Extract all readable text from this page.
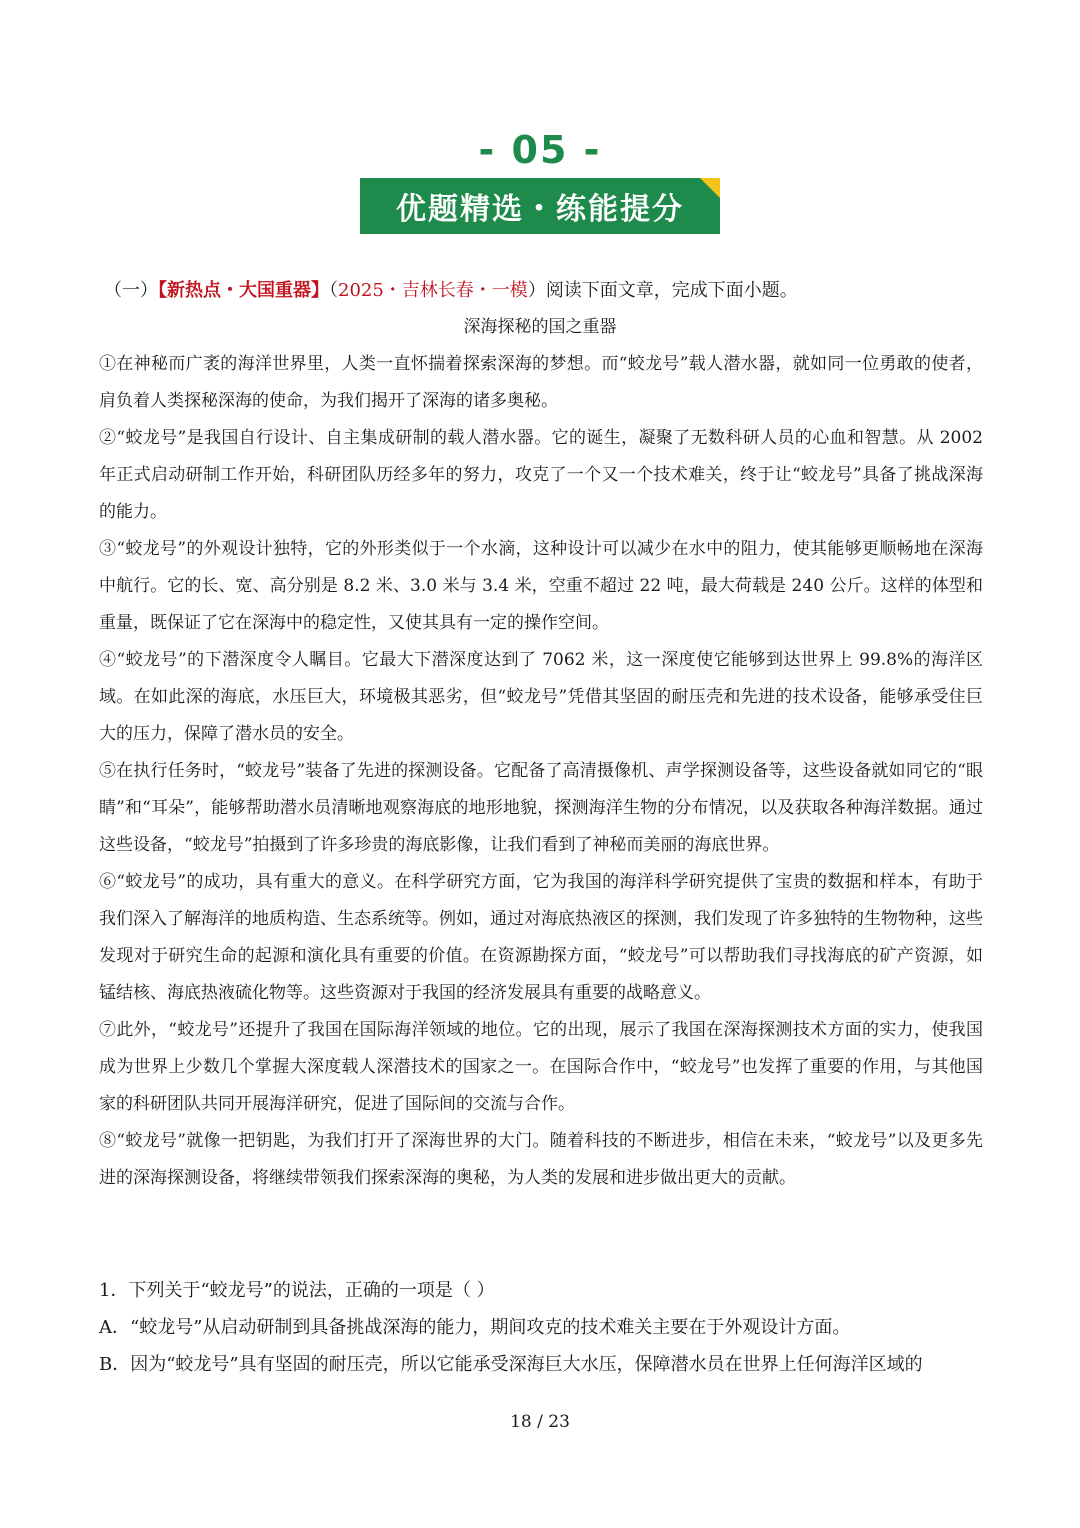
- 05 -
优题精选・练能提分
（一）【新热点・大国重器】（2025・吉林长春・一模）阅读下面文章，完成下面小题。
深海探秘的国之重器

①在神秘而广袤的海洋世界里，人类一直怀揣着探索深海的梦想。而“蛟龙号”载人潜水器，就如同一位勇敢的使者，肩负着人类探秘深海的使命，为我们揭开了深海的诸多奥秘。

②“蛟龙号”是我国自行设计、自主集成研制的载人潜水器。它的诞生，凝聚了无数科研人员的心血和智慧。从 2002 年正式启动研制工作开始，科研团队历经多年的努力，攻克了一个又一个技术难关，终于让“蛟龙号”具备了挑战深海的能力。

③“蛟龙号”的外观设计独特，它的外形类似于一个水滴，这种设计可以减少在水中的阻力，使其能够更顺畅地在深海中航行。它的长、宽、高分别是 8.2 米、3.0 米与 3.4 米，空重不超过 22 吨，最大荷载是 240 公斤。这样的体型和重量，既保证了它在深海中的稳定性，又使其具有一定的操作空间。

④“蛟龙号”的下潜深度令人瞩目。它最大下潜深度达到了 7062 米，这一深度使它能够到达世界上 99.8%的海洋区域。在如此深的海底，水压巨大，环境极其恶劣，但“蛟龙号”凭借其坚固的耐压壳和先进的技术设备，能够承受住巨大的压力，保障了潜水员的安全。

⑤在执行任务时，“蛟龙号”装备了先进的探测设备。它配备了高清摄像机、声学探测设备等，这些设备就如同它的“眼睛”和“耳朵”，能够帮助潜水员清晰地观察海底的地形地貌，探测海洋生物的分布情况，以及获取各种海洋数据。通过这些设备，“蛟龙号”拍摄到了许多珍贵的海底影像，让我们看到了神秘而美丽的海底世界。

⑥“蛟龙号”的成功，具有重大的意义。在科学研究方面，它为我国的海洋科学研究提供了宝贵的数据和样本，有助于我们深入了解海洋的地质构造、生态系统等。例如，通过对海底热液区的探测，我们发现了许多独特的生物物种，这些发现对于研究生命的起源和演化具有重要的价值。在资源勘探方面，“蛟龙号”可以帮助我们寻找海底的矿产资源，如锰结核、海底热液硫化物等。这些资源对于我国的经济发展具有重要的战略意义。

⑦此外，“蛟龙号”还提升了我国在国际海洋领域的地位。它的出现，展示了我国在深海探测技术方面的实力，使我国成为世界上少数几个掌握大深度载人深潜技术的国家之一。在国际合作中，“蛟龙号”也发挥了重要的作用，与其他国家的科研团队共同开展海洋研究，促进了国际间的交流与合作。

⑧“蛟龙号”就像一把钥匙，为我们打开了深海世界的大门。随着科技的不断进步，相信在未来，“蛟龙号”以及更多先进的深海探测设备，将继续带领我们探索深海的奥秘，为人类的发展和进步做出更大的贡献。

1．下列关于“蛟龙号”的说法，正确的一项是（ ）

A．“蛟龙号”从启动研制到具备挑战深海的能力，期间攻克的技术难关主要在于外观设计方面。

B．因为“蛟龙号”具有坚固的耐压壳，所以它能承受深海巨大水压，保障潜水员在世界上任何海洋区域的

18 / 23
